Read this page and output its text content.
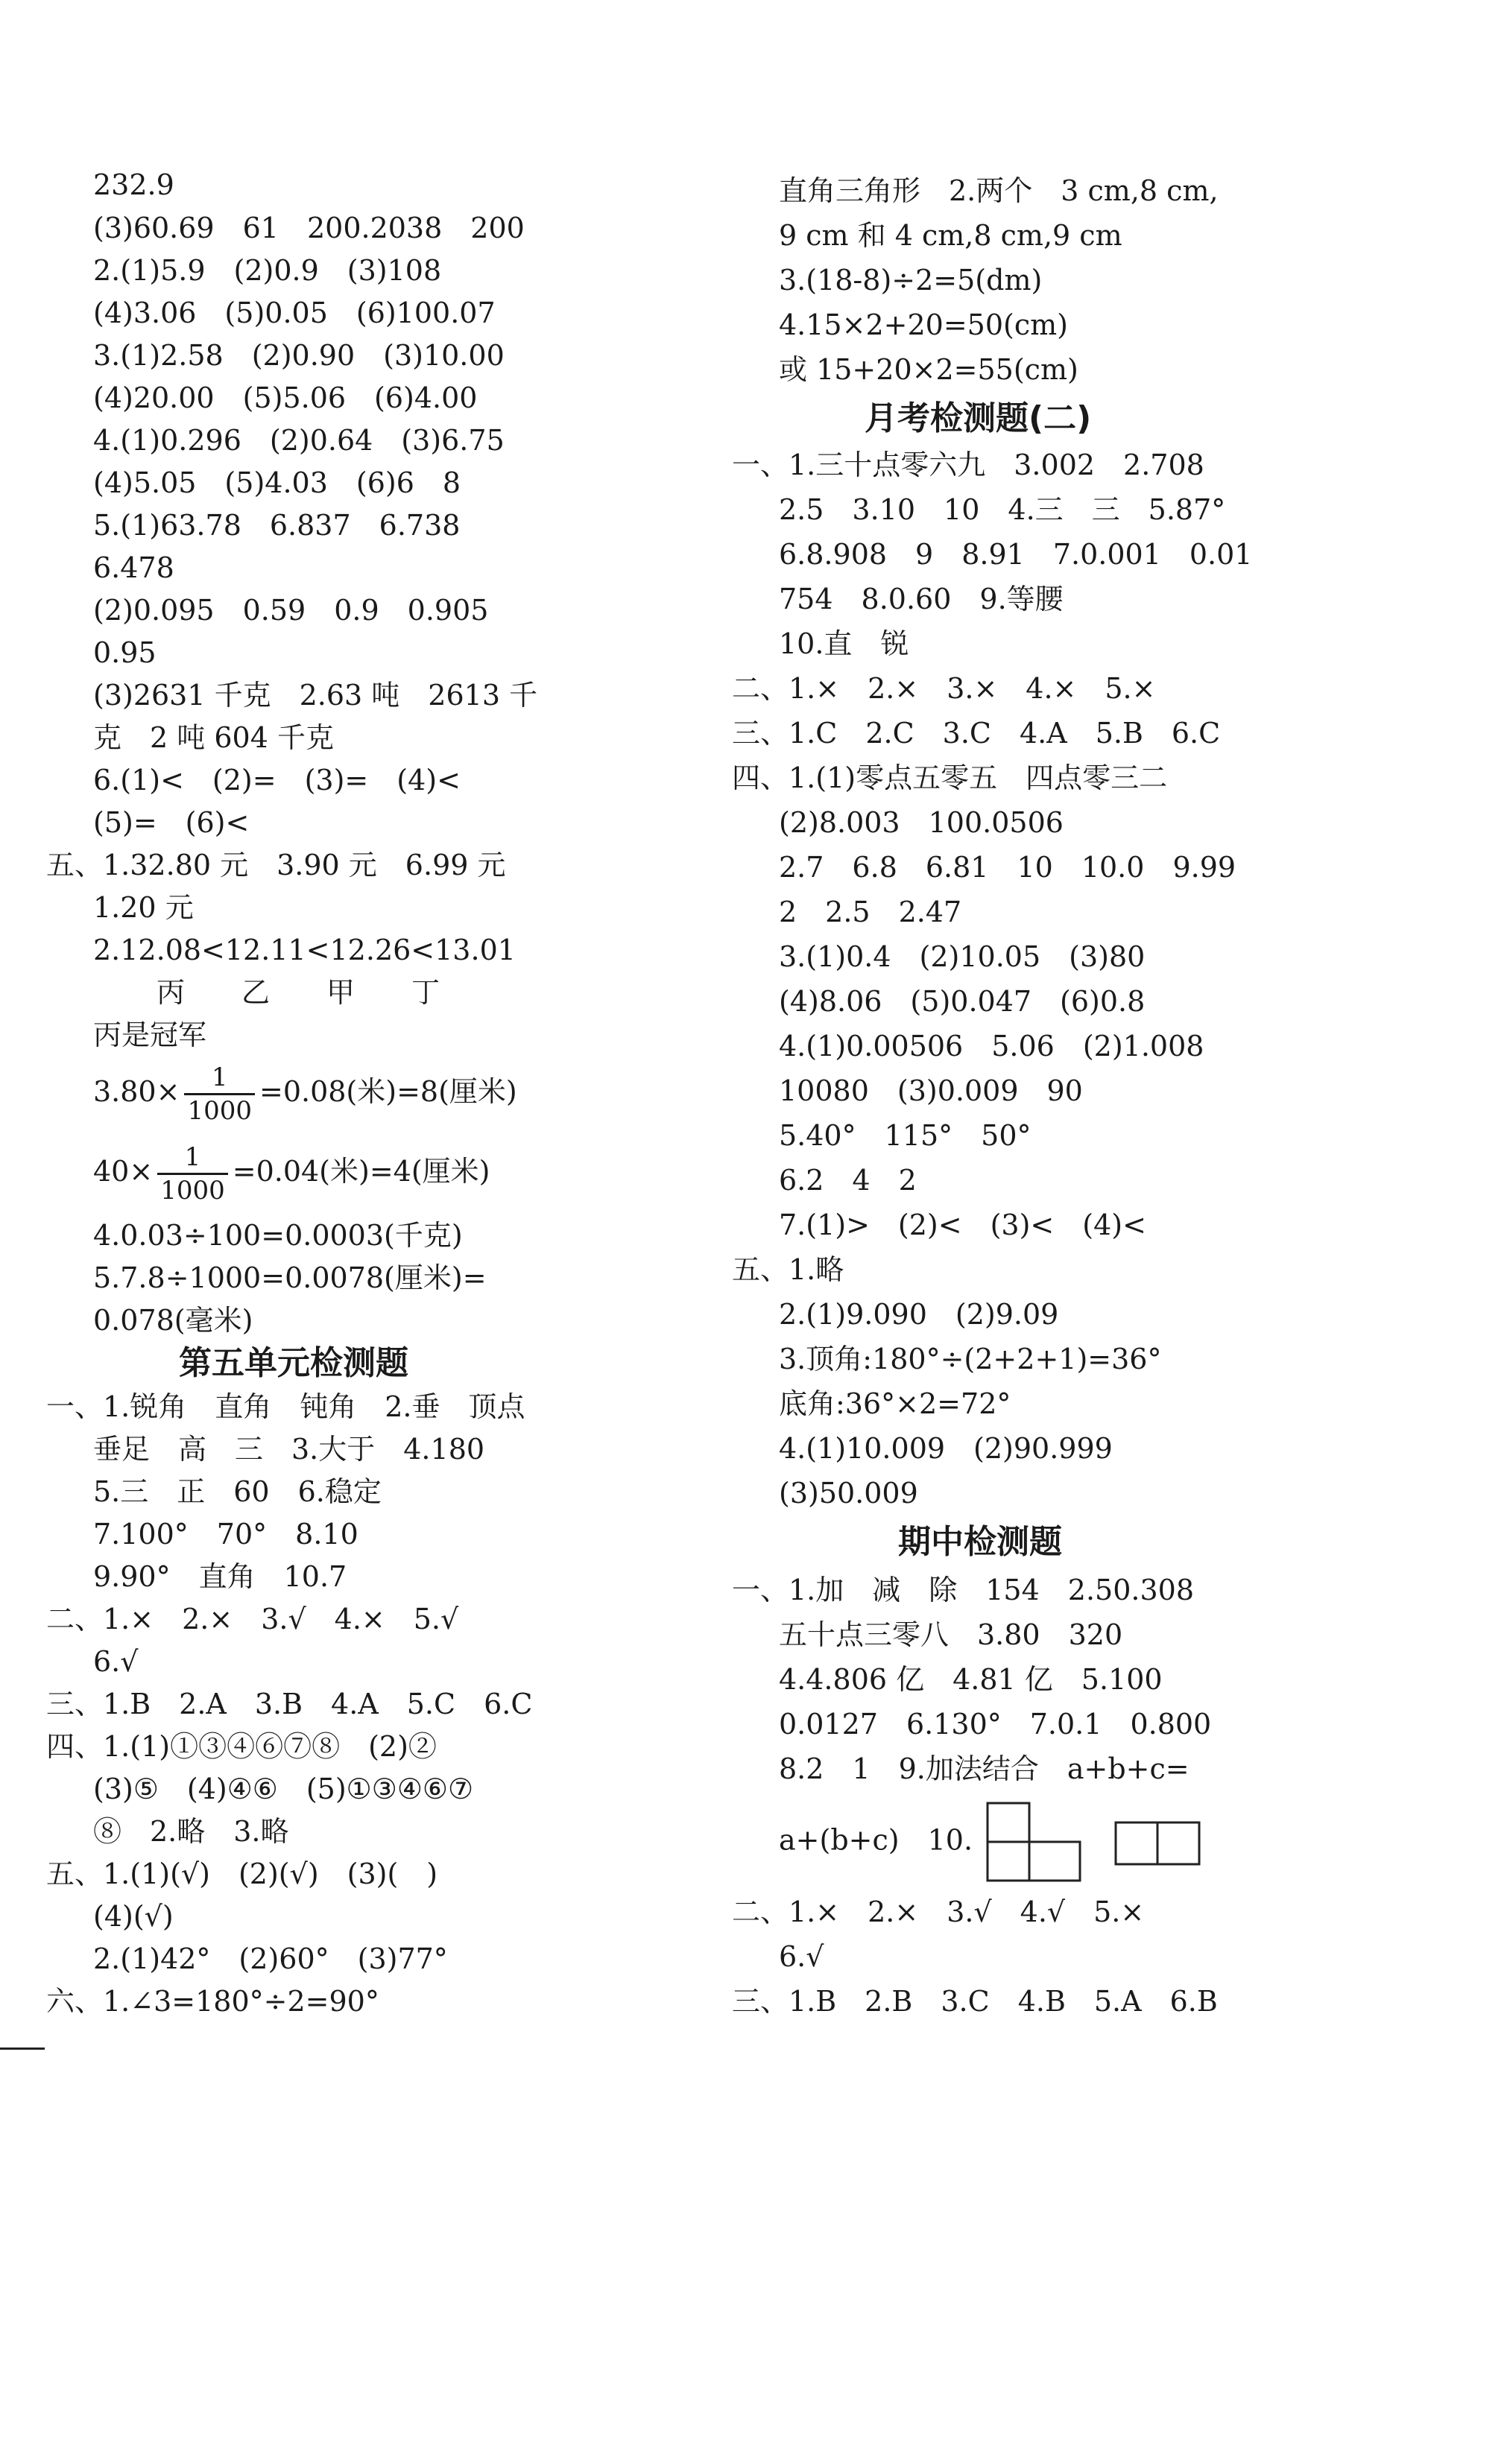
232.9
(3)60.69　61　200.2038　200
2.(1)5.9　(2)0.9　(3)108
(4)3.06　(5)0.05　(6)100.07
3.(1)2.58　(2)0.90　(3)10.00
(4)20.00　(5)5.06　(6)4.00
4.(1)0.296　(2)0.64　(3)6.75
(4)5.05　(5)4.03　(6)6　8
5.(1)63.78　6.837　6.738
6.478
(2)0.095　0.59　0.9　0.905
0.95
(3)2631 千克　2.63 吨　2613 千
克　2 吨 604 千克
6.(1)<　(2)=　(3)=　(4)<
(5)=　(6)<
五、1.32.80 元　3.90 元　6.99 元
1.20 元
2.12.08<12.11<12.26<13.01
丙　　乙　　甲　　丁
丙是冠军
$3.80\times \frac{1}{1000} =0.08$(米)=8(厘米)
$40\times \frac{1}{1000} =0.04$(米)=4(厘米)
4.0.03÷100=0.0003(千克)
5.7.8÷1000=0.0078(厘米)=
0.078(毫米)
第五单元检测题
一、1.锐角　直角　钝角　2.垂　顶点
垂足　高　三　3.大于　4.180
5.三　正　60　6.稳定
7.100°　70°　8.10
9.90°　直角　10.7
二、1.×　2.×　3.√　4.×　5.√
6.√
三、1.B　2.A　3.B　4.A　5.C　6.C
四、1.(1)①③④⑥⑦⑧　(2)②
(3)⑤　(4)④⑥　(5)①③④⑥⑦
⑧　2.略　3.略
五、1.(1)(√)　(2)(√)　(3)(　)
(4)(√)
2.(1)42°　(2)60°　(3)77°
六、1.∠3=180°÷2=90°
直角三角形　2.两个　3 cm,8 cm,
9 cm 和 4 cm,8 cm,9 cm
3.(18-8)÷2=5(dm)
4.15×2+20=50(cm)
或 15+20×2=55(cm)
月考检测题(二)
一、1.三十点零六九　3.002　2.708
2.5　3.10　10　4.三　三　5.87°
6.8.908　9　8.91　7.0.001　0.01
754　8.0.60　9.等腰
10.直　锐
二、1.×　2.×　3.×　4.×　5.×
三、1.C　2.C　3.C　4.A　5.B　6.C
四、1.(1)零点五零五　四点零三二
(2)8.003　100.0506
2.7　6.8　6.81　10　10.0　9.99
2　2.5　2.47
3.(1)0.4　(2)10.05　(3)80
(4)8.06　(5)0.047　(6)0.8
4.(1)0.00506　5.06　(2)1.008
10080　(3)0.009　90
5.40°　115°　50°
6.2　4　2
7.(1)>　(2)<　(3)<　(4)<
五、1.略
2.(1)9.090　(2)9.09
3.顶角:180°÷(2+2+1)=36°
底角:36°×2=72°
4.(1)10.009　(2)90.999
(3)50.009
期中检测题
一、1.加　减　除　154　2.50.308
五十点三零八　3.80　320
4.4.806 亿　4.81 亿　5.100
0.0127　6.130°　7.0.1　0.800
8.2　1　9.加法结合　a+b+c=
a+(b+c)　10.
二、1.×　2.×　3.√　4.√　5.×
6.√
三、1.B　2.B　3.C　4.B　5.A　6.B
